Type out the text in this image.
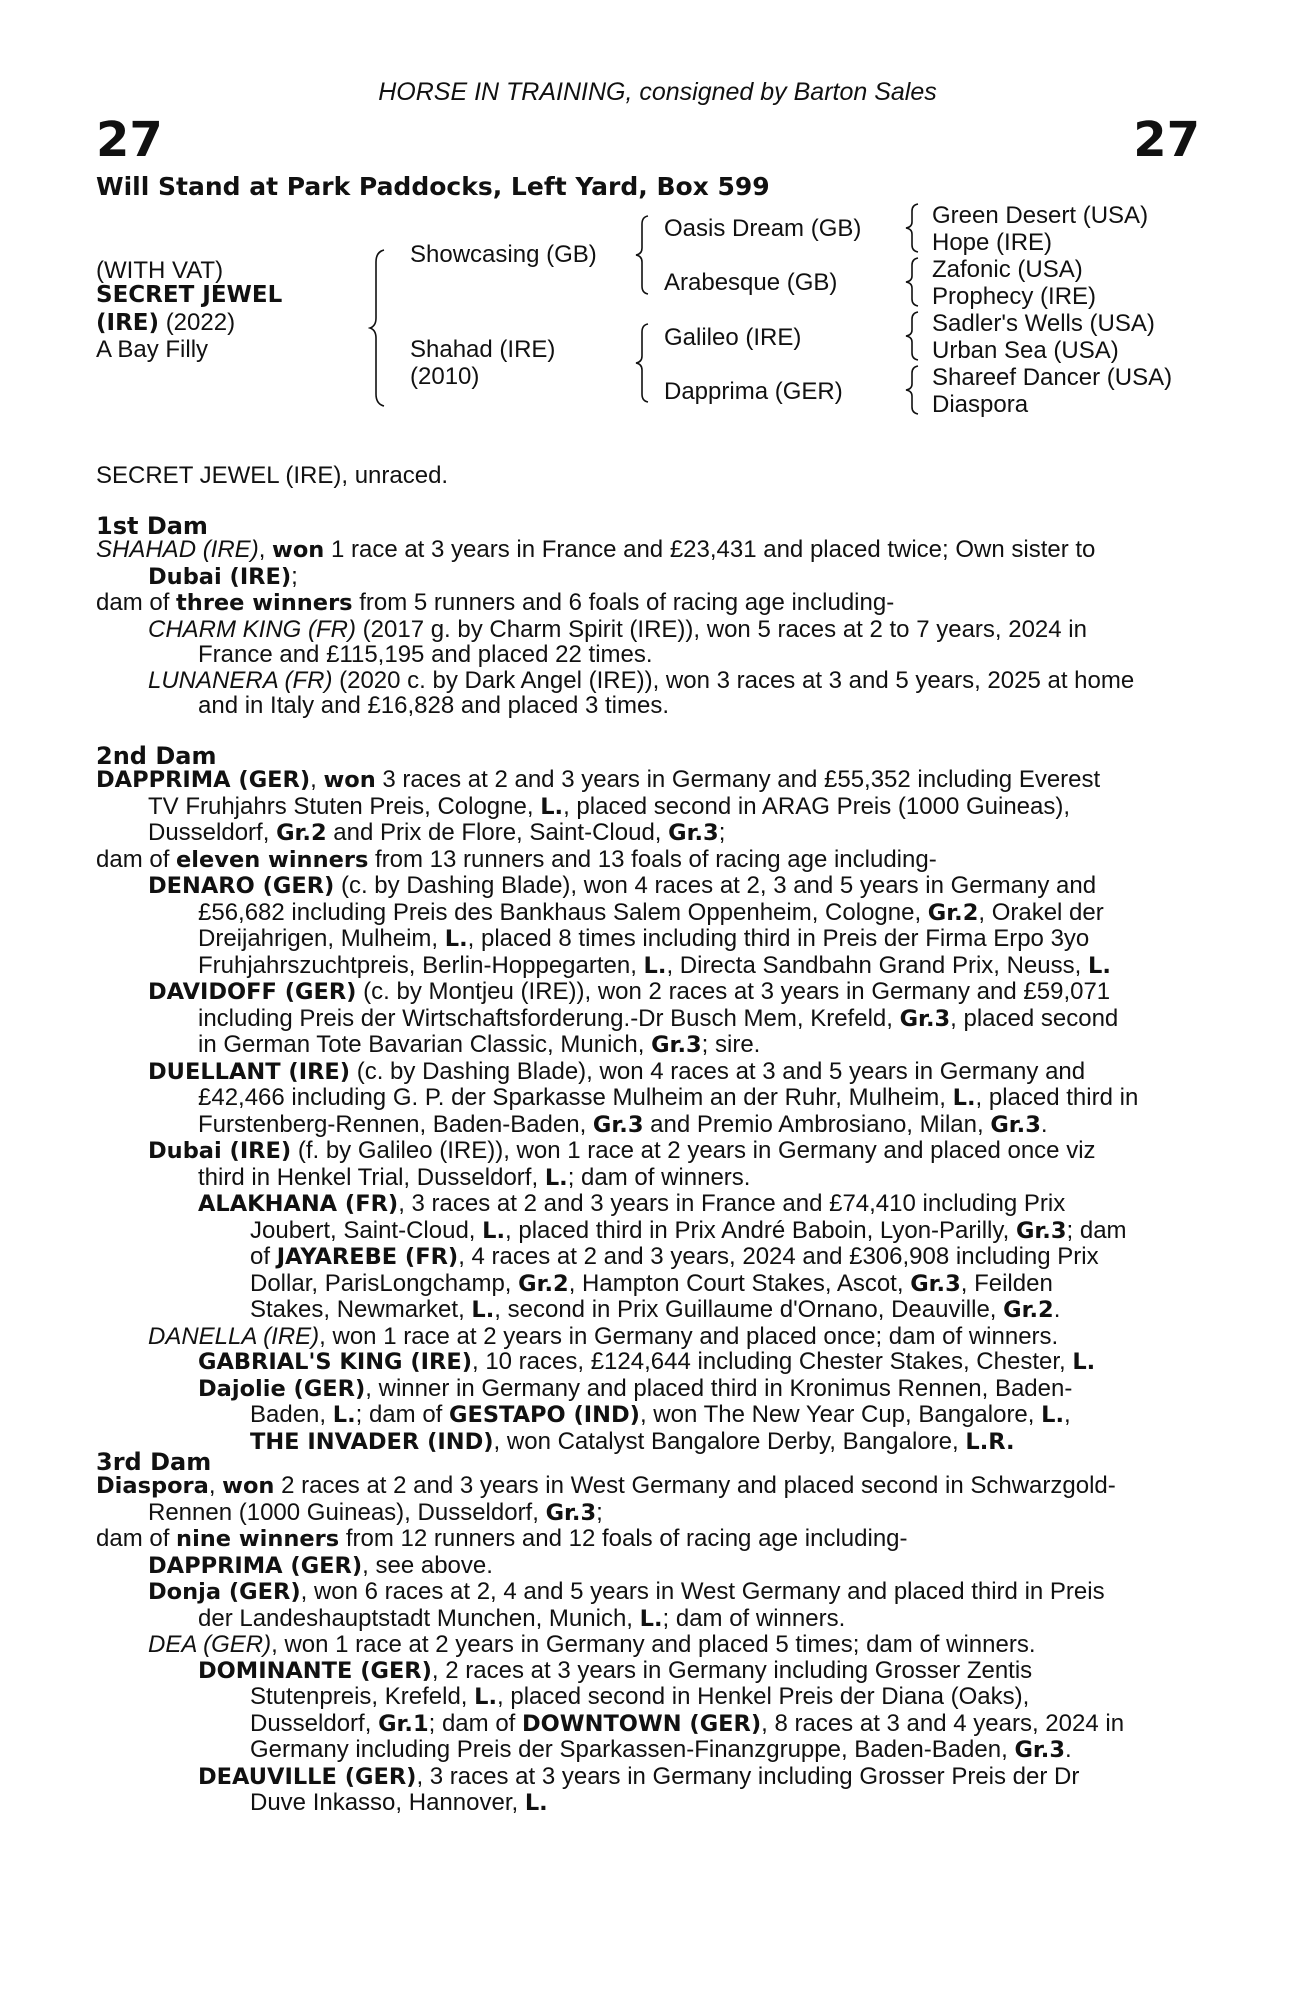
HORSE IN TRAINING, consigned by Barton Sales
27	27
Will Stand at Park Paddocks, Left Yard, Box 599
(WITH VAT)
SECRET JEWEL
(IRE) (2022)
A Bay Filly
Showcasing (GB)
Shahad (IRE)
(2010)
Oasis Dream (GB)
Arabesque (GB)
Galileo (IRE)
Dapprima (GER)
Green Desert (USA)
Hope (IRE)
Zafonic (USA)
Prophecy (IRE)
Sadler's Wells (USA)
Urban Sea (USA)
Shareef Dancer (USA)
Diaspora
SECRET JEWEL (IRE), unraced.
1st Dam
SHAHAD (IRE), won 1 race at 3 years in France and £23,431 and placed twice; Own sister to
Dubai (IRE);
dam of three winners from 5 runners and 6 foals of racing age including-
CHARM KING (FR) (2017 g. by Charm Spirit (IRE)), won 5 races at 2 to 7 years, 2024 in
France and £115,195 and placed 22 times.
LUNANERA (FR) (2020 c. by Dark Angel (IRE)), won 3 races at 3 and 5 years, 2025 at home
and in Italy and £16,828 and placed 3 times.
2nd Dam
DAPPRIMA (GER), won 3 races at 2 and 3 years in Germany and £55,352 including Everest
TV Fruhjahrs Stuten Preis, Cologne, L., placed second in ARAG Preis (1000 Guineas),
Dusseldorf, Gr.2 and Prix de Flore, Saint-Cloud, Gr.3;
dam of eleven winners from 13 runners and 13 foals of racing age including-
DENARO (GER) (c. by Dashing Blade), won 4 races at 2, 3 and 5 years in Germany and
£56,682 including Preis des Bankhaus Salem Oppenheim, Cologne, Gr.2, Orakel der
Dreijahrigen, Mulheim, L., placed 8 times including third in Preis der Firma Erpo 3yo
Fruhjahrszuchtpreis, Berlin-Hoppegarten, L., Directa Sandbahn Grand Prix, Neuss, L.
DAVIDOFF (GER) (c. by Montjeu (IRE)), won 2 races at 3 years in Germany and £59,071
including Preis der Wirtschaftsforderung.-Dr Busch Mem, Krefeld, Gr.3, placed second
in German Tote Bavarian Classic, Munich, Gr.3; sire.
DUELLANT (IRE) (c. by Dashing Blade), won 4 races at 3 and 5 years in Germany and
£42,466 including G. P. der Sparkasse Mulheim an der Ruhr, Mulheim, L., placed third in
Furstenberg-Rennen, Baden-Baden, Gr.3 and Premio Ambrosiano, Milan, Gr.3.
Dubai (IRE) (f. by Galileo (IRE)), won 1 race at 2 years in Germany and placed once viz
third in Henkel Trial, Dusseldorf, L.; dam of winners.
ALAKHANA (FR), 3 races at 2 and 3 years in France and £74,410 including Prix
Joubert, Saint-Cloud, L., placed third in Prix André Baboin, Lyon-Parilly, Gr.3; dam
of JAYAREBE (FR), 4 races at 2 and 3 years, 2024 and £306,908 including Prix
Dollar, ParisLongchamp, Gr.2, Hampton Court Stakes, Ascot, Gr.3, Feilden
Stakes, Newmarket, L., second in Prix Guillaume d'Ornano, Deauville, Gr.2.
DANELLA (IRE), won 1 race at 2 years in Germany and placed once; dam of winners.
GABRIAL'S KING (IRE), 10 races, £124,644 including Chester Stakes, Chester, L.
Dajolie (GER), winner in Germany and placed third in Kronimus Rennen, Baden-
Baden, L.; dam of GESTAPO (IND), won The New Year Cup, Bangalore, L.,
THE INVADER (IND), won Catalyst Bangalore Derby, Bangalore, L.R.
3rd Dam
Diaspora, won 2 races at 2 and 3 years in West Germany and placed second in Schwarzgold-
Rennen (1000 Guineas), Dusseldorf, Gr.3;
dam of nine winners from 12 runners and 12 foals of racing age including-
DAPPRIMA (GER), see above.
Donja (GER), won 6 races at 2, 4 and 5 years in West Germany and placed third in Preis
der Landeshauptstadt Munchen, Munich, L.; dam of winners.
DEA (GER), won 1 race at 2 years in Germany and placed 5 times; dam of winners.
DOMINANTE (GER), 2 races at 3 years in Germany including Grosser Zentis
Stutenpreis, Krefeld, L., placed second in Henkel Preis der Diana (Oaks),
Dusseldorf, Gr.1; dam of DOWNTOWN (GER), 8 races at 3 and 4 years, 2024 in
Germany including Preis der Sparkassen-Finanzgruppe, Baden-Baden, Gr.3.
DEAUVILLE (GER), 3 races at 3 years in Germany including Grosser Preis der Dr
Duve Inkasso, Hannover, L.
